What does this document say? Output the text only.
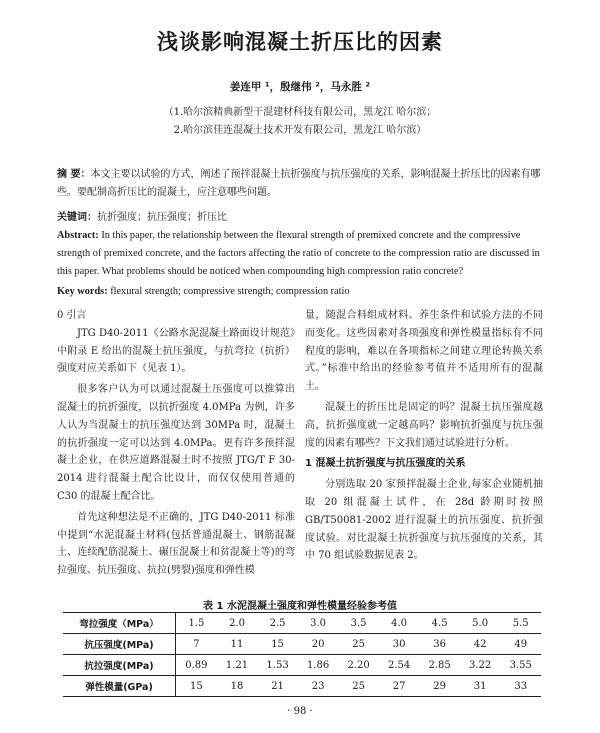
浅谈影响混凝土折压比的因素
姜连甲 ¹，殷继伟 ²，马永胜 ²
（1.哈尔滨精典新型干混建材科技有限公司，黑龙江 哈尔滨；
2.哈尔滨佳连混凝土技术开发有限公司，黑龙江 哈尔滨）
摘 要：本文主要以试验的方式，阐述了预拌混凝土抗折强度与抗压强度的关系，影响混凝土折压比的因素有哪些。要配制高折压比的混凝土，应注意哪些问题。
关键词：抗折强度；抗压强度；折压比
Abstract: In this paper, the relationship between the flexural strength of premixed concrete and the compressive strength of premixed concrete, and the factors affecting the ratio of concrete to the compression ratio are discussed in this paper. What problems should be noticed when compounding high compression ratio concrete?
Key words: flexural strength; compressive strength; compression ratio

0 引言

JTG D40-2011《公路水泥混凝土路面设计规范》中附录 E 给出的混凝土抗压强度，与抗弯拉（抗折）强度对应关系如下（见表 1）。

很多客户认为可以通过混凝土压强度可以推算出混凝土的抗折强度，以抗折强度 4.0MPa 为例，许多人认为当混凝土的抗压强度达到 30MPa 时，混凝土的抗折强度一定可以达到 4.0MPa。更有许多预拌混凝土企业，在供应道路混凝土时不按照 JTG/T F 30-2014 进行混凝土配合比设计，而仅仅使用普通的 C30 的混凝土配合比。

首先这种想法是不正确的，JTG D40-2011 标准中提到“水泥混凝土材料(包括普通混凝土、钢筋混凝土、连续配筋混凝土、碾压混凝土和贫混凝土等)的弯拉强度、抗压强度、抗拉(劈裂)强度和弹性模

量，随混合料组成材料、养生条件和试验方法的不同而变化。这些因素对各项强度和弹性模量指标有不同程度的影响，难以在各项指标之间建立理论转换关系式。”标准中给出的经验参考值并不适用所有的混凝土。

混凝土的折压比是固定的吗？混凝土抗压强度越高，抗折强度就一定越高吗？影响抗折强度与抗压强度的因素有哪些？下文我们通过试验进行分析。

1 混凝土抗折强度与抗压强度的关系

分别选取 20 家预拌混凝土企业,每家企业随机抽取 20 组混凝土试件，在 28d 龄期时按照 GB/T50081-2002 进行混凝土的抗压强度、抗折强度试验。对比混凝土抗折强度与抗压强度的关系，其中 70 组试验数据见表 2。

表 1 水泥混凝土强度和弹性模量经验参考值
弯拉强度（MPa）	1.5	2.0	2.5	3.0	3.5	4.0	4.5	5.0	5.5
抗压强度(MPa)	7	11	15	20	25	30	36	42	49
抗拉强度(MPa)	0.89	1.21	1.53	1.86	2.20	2.54	2.85	3.22	3.55
弹性模量(GPa)	15	18	21	23	25	27	29	31	33
· 98 ·
